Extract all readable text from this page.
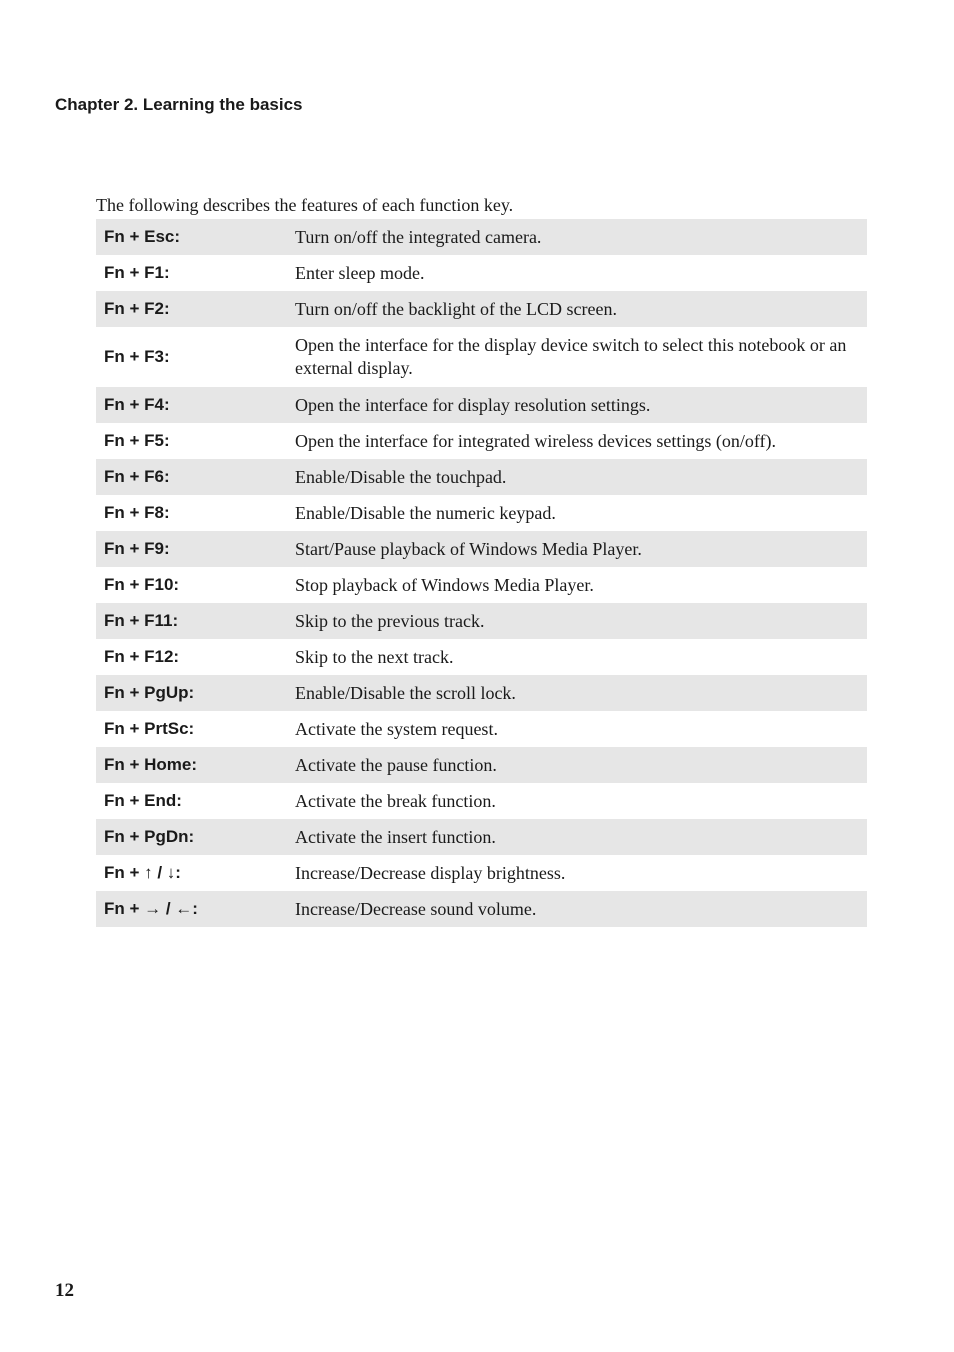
Chapter 2. Learning the basics
The following describes the features of each function key.
Fn + Esc:	Turn on/off the integrated camera.
Fn + F1:	Enter sleep mode.
Fn + F2:	Turn on/off the backlight of the LCD screen.
Fn + F3:
Open the interface for the display device switch to select this notebook or an external display.
Fn + F4:	Open the interface for display resolution settings.
Fn + F5:	Open the interface for integrated wireless devices settings (on/off).
Fn + F6:	Enable/Disable the touchpad.
Fn + F8:	Enable/Disable the numeric keypad.
Fn + F9:	Start/Pause playback of Windows Media Player.
Fn + F10:	Stop playback of Windows Media Player.
Fn + F11:	Skip to the previous track.
Fn + F12:	Skip to the next track.
Fn + PgUp:	Enable/Disable the scroll lock.
Fn + PrtSc:	Activate the system request.
Fn + Home:	Activate the pause function.
Fn + End:	Activate the break function.
Fn + PgDn:	Activate the insert function.
Fn + ↑ / ↓:	Increase/Decrease display brightness.
Fn + → / ←:	Increase/Decrease sound volume.
12
